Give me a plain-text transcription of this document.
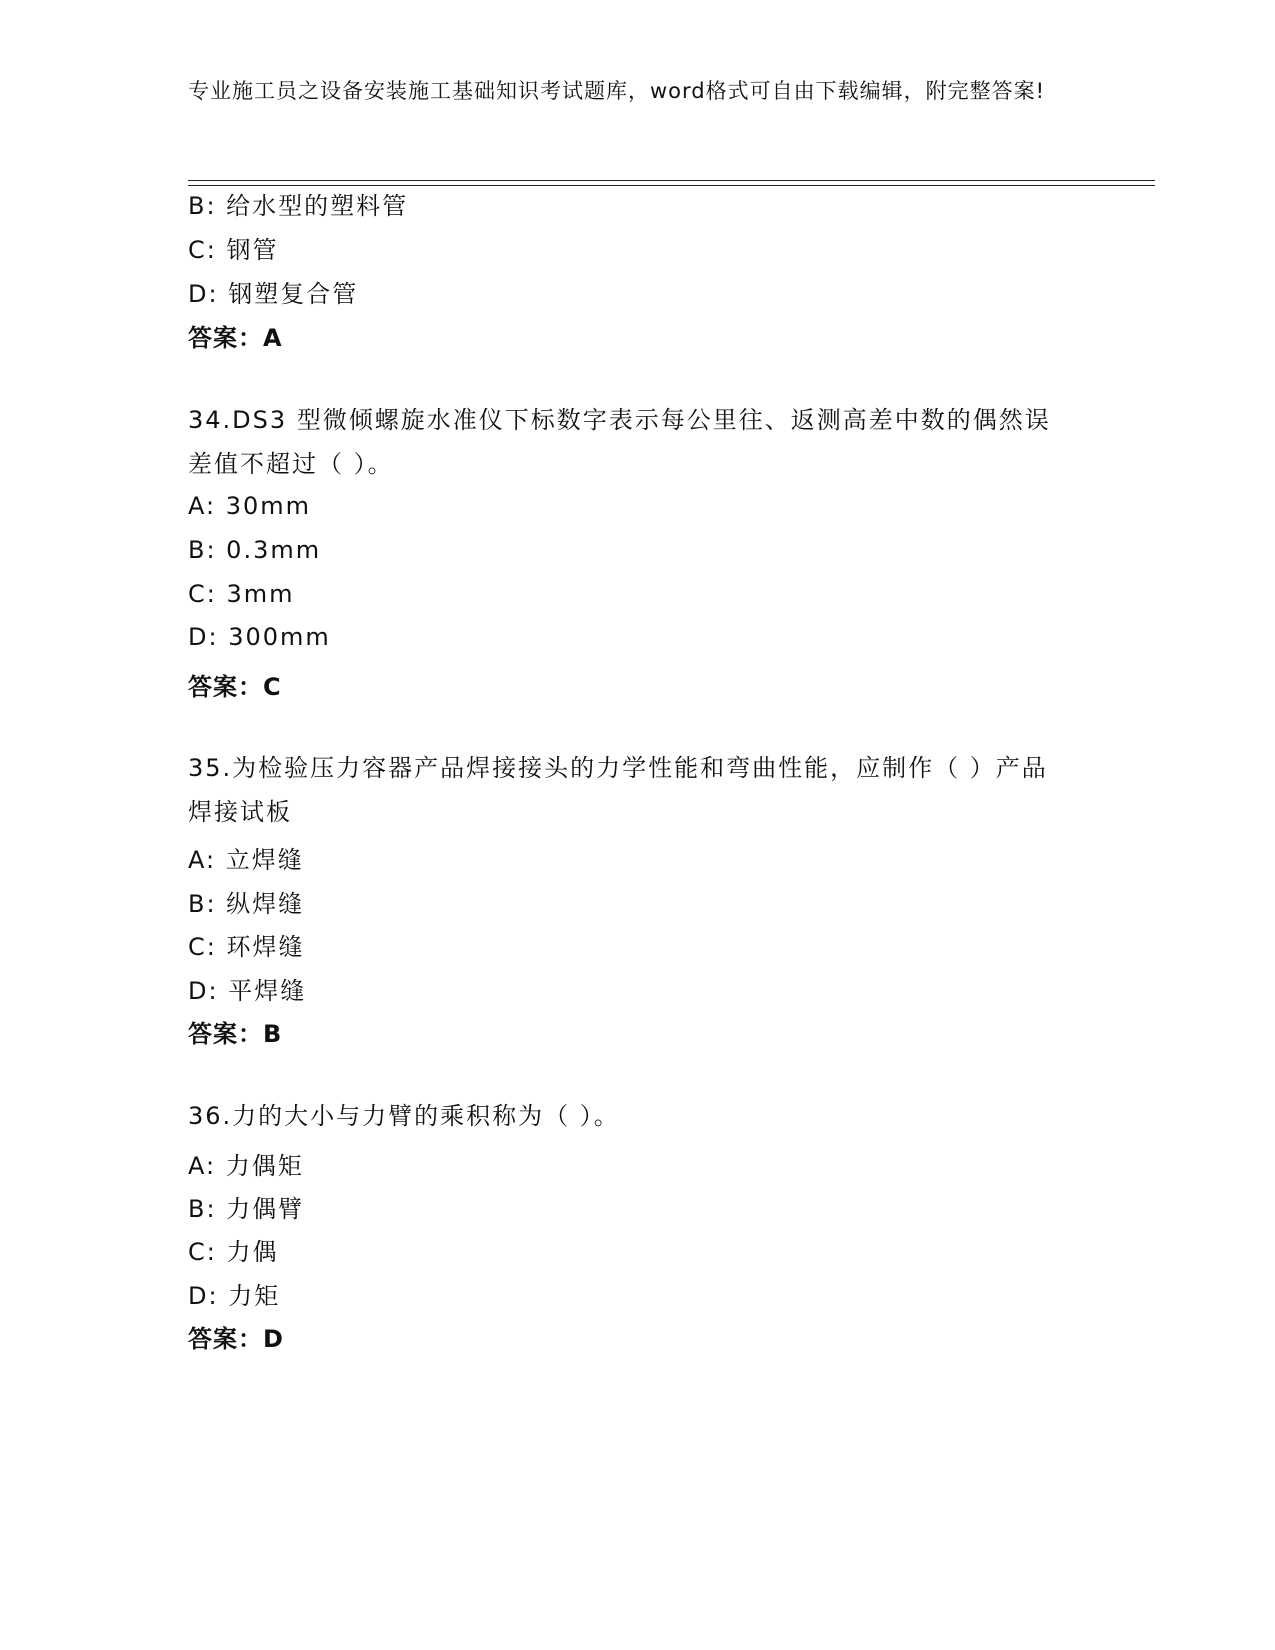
专业施工员之设备安装施工基础知识考试题库，word格式可自由下载编辑，附完整答案!
B: 给水型的塑料管
C: 钢管
D: 钢塑复合管
答案：A
34.DS3 型微倾螺旋水准仪下标数字表示每公里往、返测高差中数的偶然误差值不超过（ ）。
A: 30mm
B: 0.3mm
C: 3mm
D: 300mm
答案：C
35.为检验压力容器产品焊接接头的力学性能和弯曲性能，应制作（ ）产品焊接试板
A: 立焊缝
B: 纵焊缝
C: 环焊缝
D: 平焊缝
答案：B
36.力的大小与力臂的乘积称为（ ）。
A: 力偶矩
B: 力偶臂
C: 力偶
D: 力矩
答案：D
